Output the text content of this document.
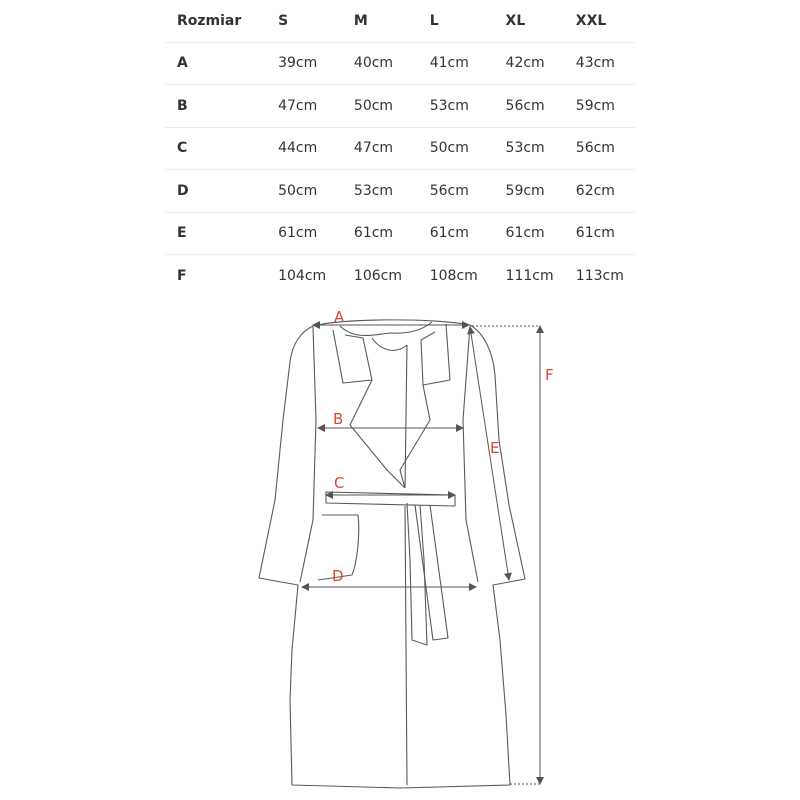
Rozmiar	S	M	L	XL	XXL
A	39cm	40cm	41cm	42cm	43cm
B	47cm	50cm	53cm	56cm	59cm
C	44cm	47cm	50cm	53cm	56cm
D	50cm	53cm	56cm	59cm	62cm
E	61cm	61cm	61cm	61cm	61cm
F	104cm	106cm	108cm	111cm	113cm
A
B
C
D
E
F
